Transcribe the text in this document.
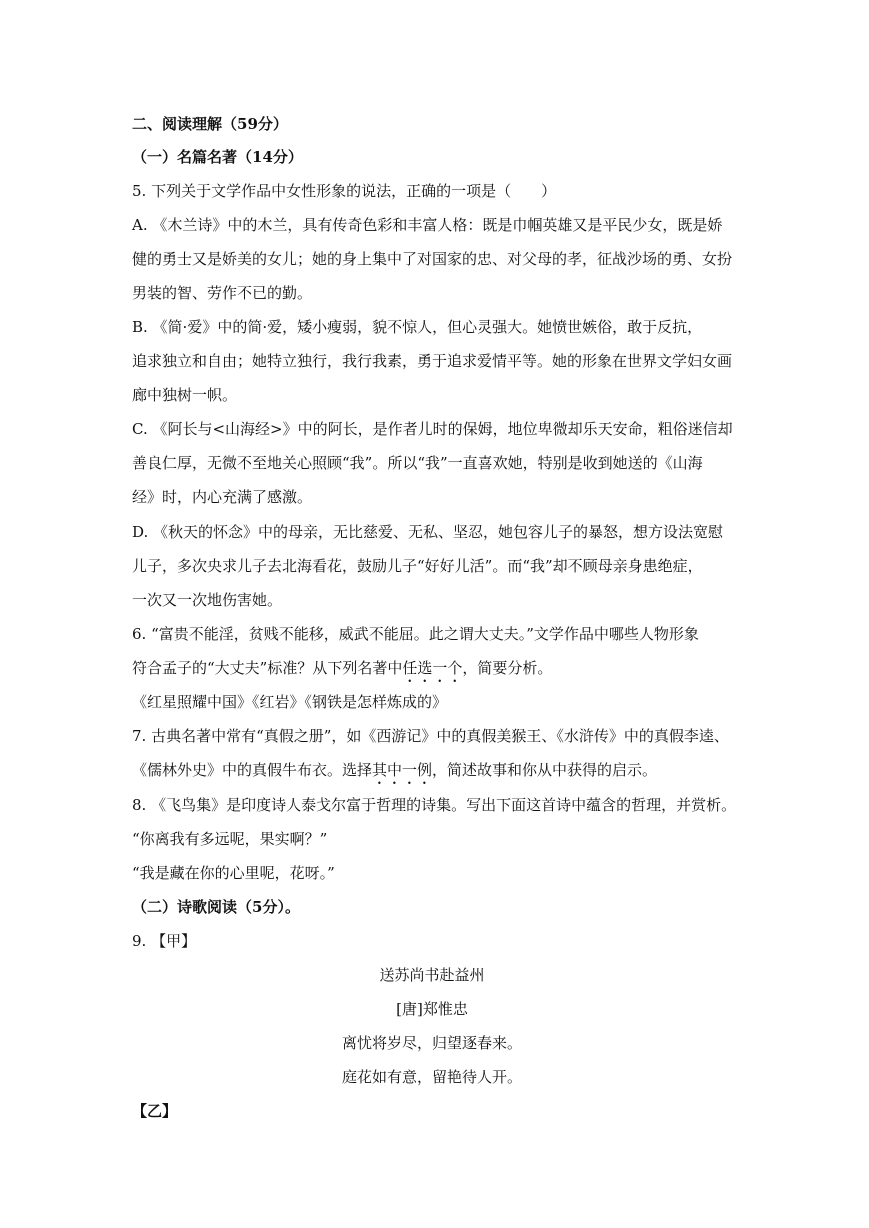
二、阅读理解（59分）
（一）名篇名著（14分）
5. 下列关于文学作品中女性形象的说法，正确的一项是（　　）
A. 《木兰诗》中的木兰，具有传奇色彩和丰富人格：既是巾帼英雄又是平民少女，既是娇
健的勇士又是娇美的女儿；她的身上集中了对国家的忠、对父母的孝，征战沙场的勇、女扮
男装的智、劳作不已的勤。
B. 《简·爱》中的简·爱，矮小瘦弱，貌不惊人，但心灵强大。她愤世嫉俗，敢于反抗，
追求独立和自由；她特立独行，我行我素，勇于追求爱情平等。她的形象在世界文学妇女画
廊中独树一帜。
C. 《阿长与<山海经>》中的阿长，是作者儿时的保姆，地位卑微却乐天安命，粗俗迷信却
善良仁厚，无微不至地关心照顾“我”。所以“我”一直喜欢她，特别是收到她送的《山海
经》时，内心充满了感激。
D. 《秋天的怀念》中的母亲，无比慈爱、无私、坚忍，她包容儿子的暴怒，想方设法宽慰
儿子，多次央求儿子去北海看花，鼓励儿子“好好儿活”。而“我”却不顾母亲身患绝症，
一次又一次地伤害她。
6. “富贵不能淫，贫贱不能移，威武不能屈。此之谓大丈夫。”文学作品中哪些人物形象
符合孟子的“大丈夫”标准？从下列名著中任选一个，简要分析。
《红星照耀中国》《红岩》《钢铁是怎样炼成的》
7. 古典名著中常有“真假之册”，如《西游记》中的真假美猴王、《水浒传》中的真假李逵、
《儒林外史》中的真假牛布衣。选择其中一例，简述故事和你从中获得的启示。
8. 《飞鸟集》是印度诗人泰戈尔富于哲理的诗集。写出下面这首诗中蕴含的哲理，并赏析。
“你离我有多远呢，果实啊？”
“我是藏在你的心里呢，花呀。”
（二）诗歌阅读（5分）。
9. 【甲】
送苏尚书赴益州
[唐]郑惟忠
离忧将岁尽，归望逐春来。
庭花如有意，留艳待人开。
【乙】
